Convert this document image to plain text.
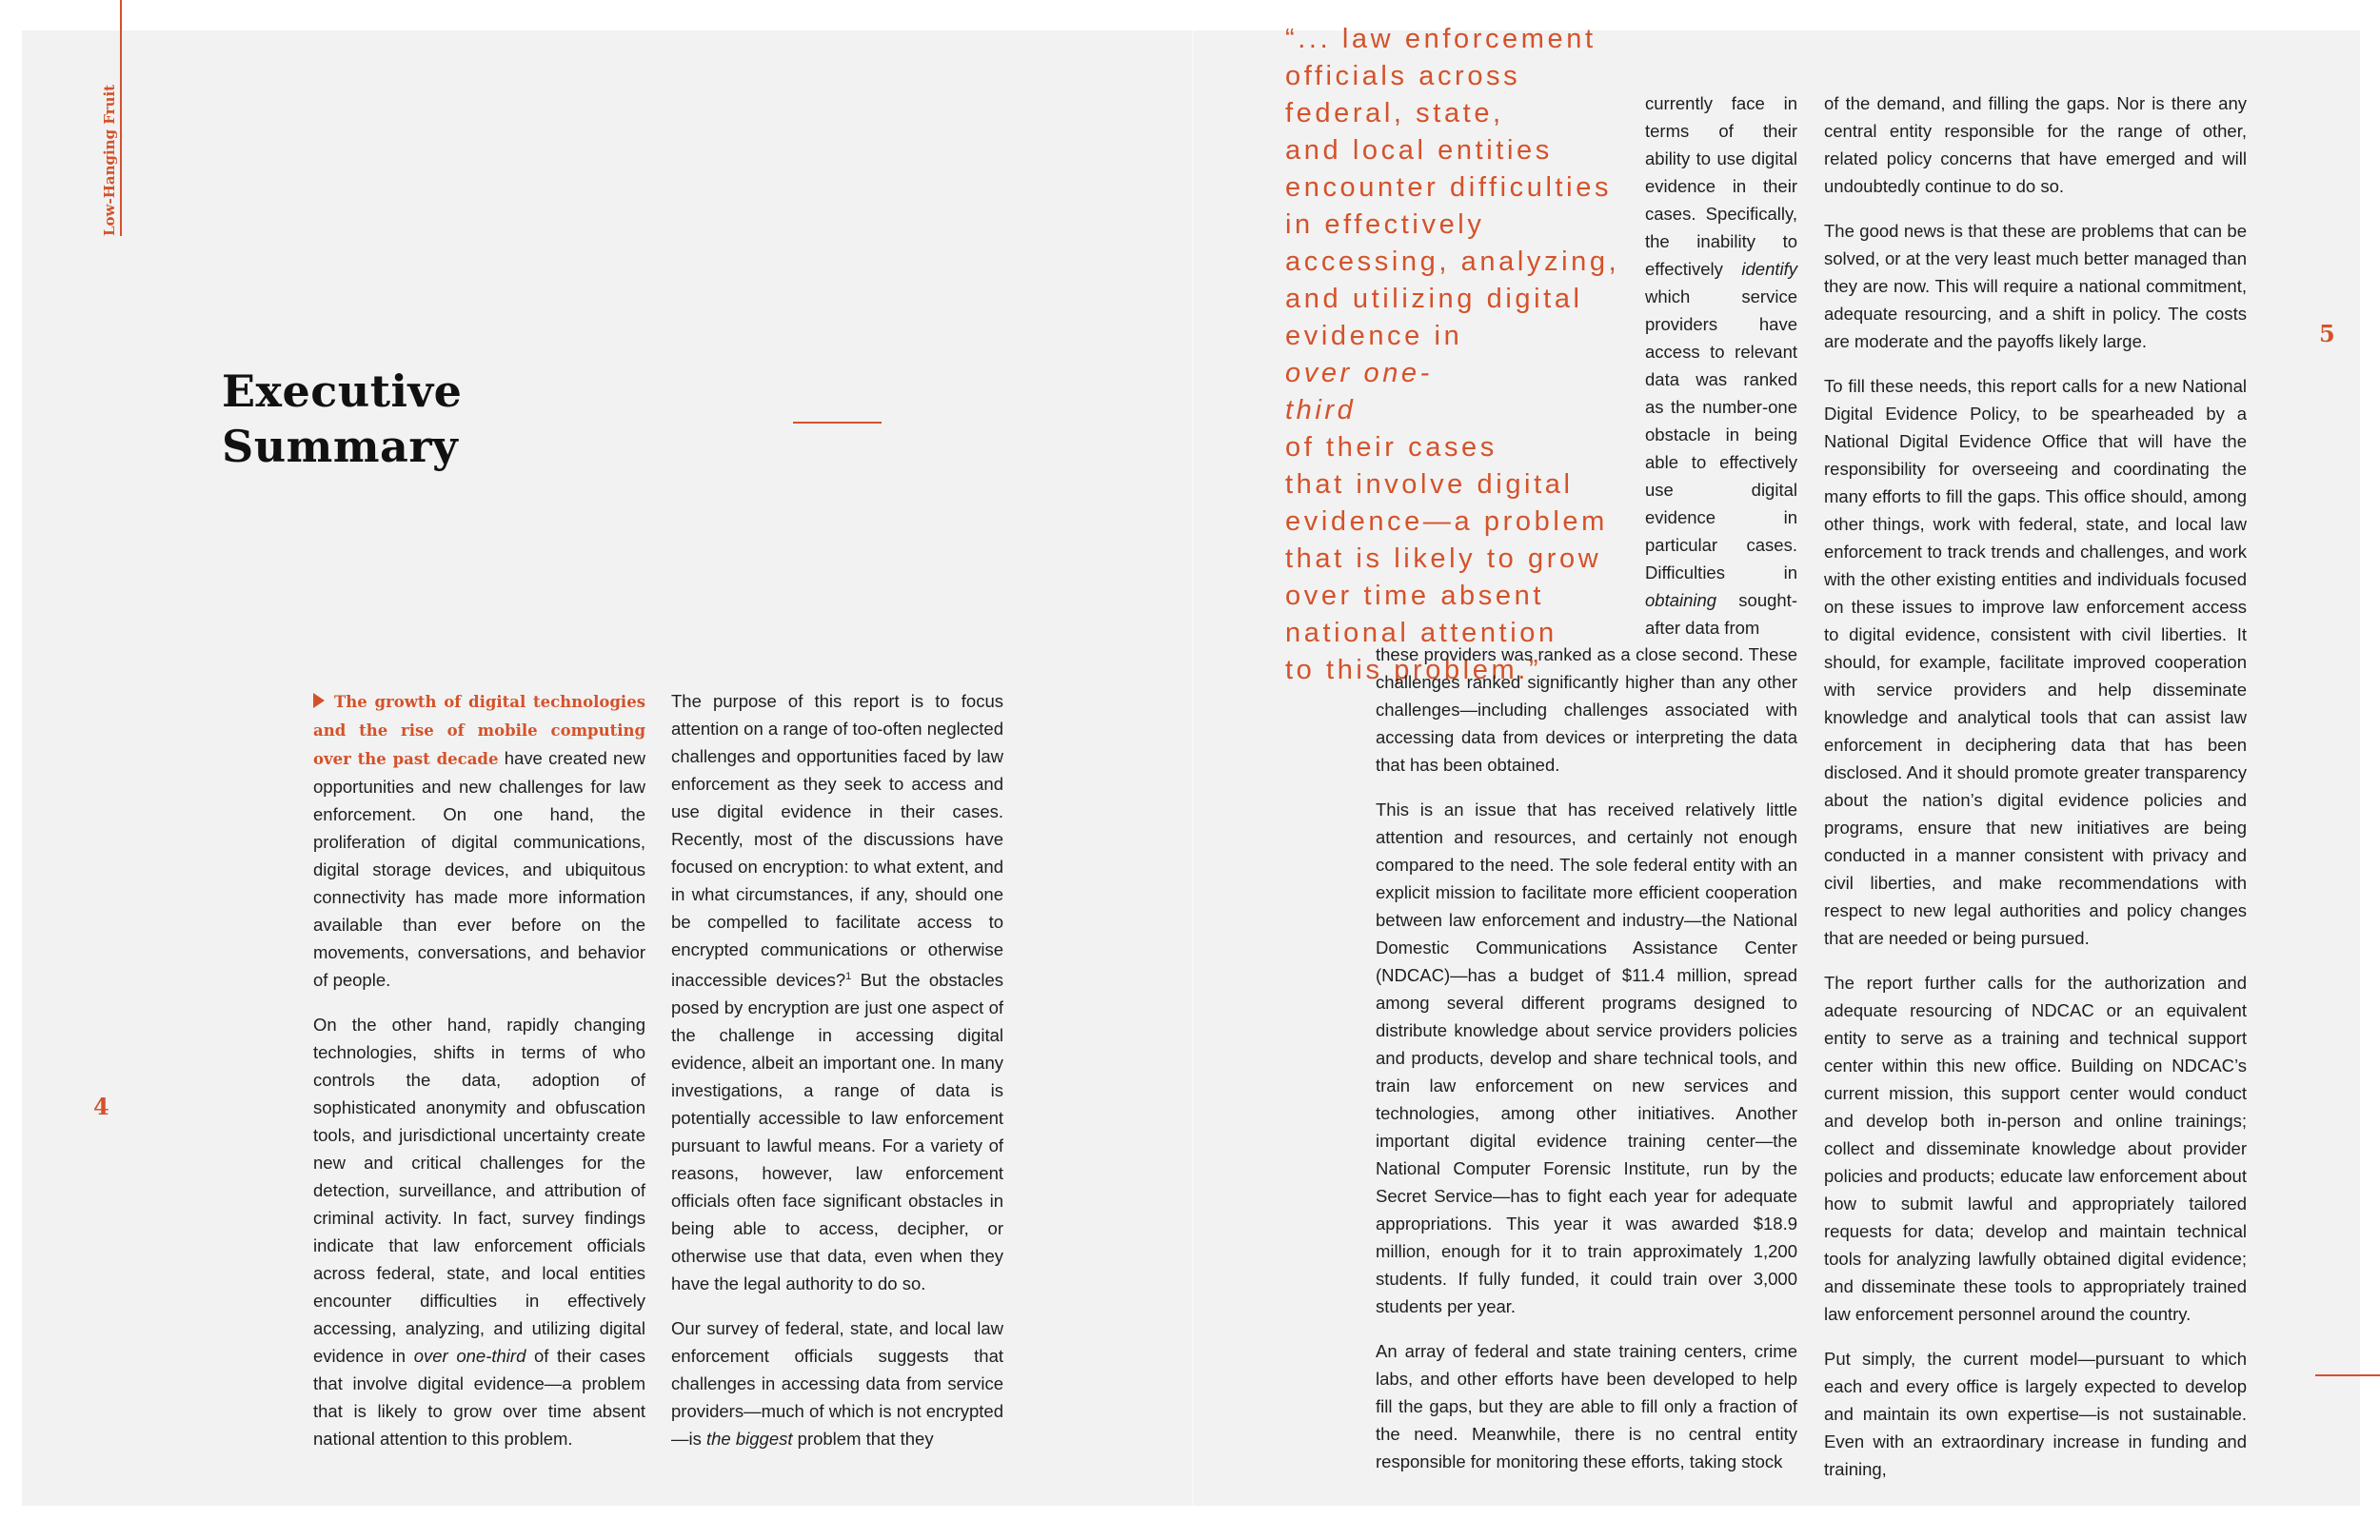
Low-Hanging Fruit
4
5
Executive
Summary

The growth of digital technologies and the rise of mobile computing over the past decade have created new opportunities and new challenges for law enforcement. On one hand, the proliferation of digital communications, digital storage devices, and ubiquitous connectivity has made more information available than ever before on the movements, conversations, and behavior of people.

On the other hand, rapidly changing technologies, shifts in terms of who controls the data, adoption of sophisticated anonymity and obfuscation tools, and jurisdictional uncertainty create new and critical challenges for the detection, surveillance, and attribution of criminal activity. In fact, survey findings indicate that law enforcement officials across federal, state, and local entities encounter difficulties in effectively accessing, analyzing, and utilizing digital evidence in over one-third of their cases that involve digital evidence—a problem that is likely to grow over time absent national attention to this problem.

The purpose of this report is to focus attention on a range of too-often neglected challenges and opportunities faced by law enforcement as they seek to access and use digital evidence in their cases. Recently, most of the discussions have focused on encryption: to what extent, and in what circumstances, if any, should one be compelled to facilitate access to encrypted communications or otherwise inaccessible devices?$^1$ But the obstacles posed by encryption are just one aspect of the challenge in accessing digital evidence, albeit an important one. In many investigations, a range of data is potentially accessible to law enforcement pursuant to lawful means. For a variety of reasons, however, law enforcement officials often face significant obstacles in being able to access, decipher, or otherwise use that data, even when they have the legal authority to do so.

Our survey of federal, state, and local law enforcement officials suggests that challenges in accessing data from service providers—much of which is not encrypted—is the biggest problem that they

“... law enforcement
officials across
federal, state,
and local entities
encounter difficulties
in effectively
accessing, analyzing,
and utilizing digital
evidence in
over one-
third
of their cases
that involve digital
evidence—a problem
that is likely to grow
over time absent
national attention
to this problem.”
currently face in terms of their ability to use digital evidence in their cases. Specifically, the inability to effectively identify which service providers have access to relevant data was ranked as the number-one obstacle in being able to effectively use digital evidence in particular cases. Difficulties in obtaining sought-after data from

these providers was ranked as a close second. These challenges ranked significantly higher than any other challenges—including challenges associated with accessing data from devices or interpreting the data that has been obtained.

This is an issue that has received relatively little attention and resources, and certainly not enough compared to the need. The sole federal entity with an explicit mission to facilitate more efficient cooperation between law enforcement and industry—the National Domestic Communications Assistance Center (NDCAC)—has a budget of $11.4 million, spread among several different programs designed to distribute knowledge about service providers policies and products, develop and share technical tools, and train law enforcement on new services and technologies, among other initiatives. Another important digital evidence training center—the National Computer Forensic Institute, run by the Secret Service—has to fight each year for adequate appropriations. This year it was awarded $18.9 million, enough for it to train approximately 1,200 students. If fully funded, it could train over 3,000 students per year.

An array of federal and state training centers, crime labs, and other efforts have been developed to help fill the gaps, but they are able to fill only a fraction of the need. Meanwhile, there is no central entity responsible for monitoring these efforts, taking stock

of the demand, and filling the gaps. Nor is there any central entity responsible for the range of other, related policy concerns that have emerged and will undoubtedly continue to do so.

The good news is that these are problems that can be solved, or at the very least much better managed than they are now. This will require a national commitment, adequate resourcing, and a shift in policy. The costs are moderate and the payoffs likely large.

To fill these needs, this report calls for a new National Digital Evidence Policy, to be spearheaded by a National Digital Evidence Office that will have the responsibility for overseeing and coordinating the many efforts to fill the gaps. This office should, among other things, work with federal, state, and local law enforcement to track trends and challenges, and work with the other existing entities and individuals focused on these issues to improve law enforcement access to digital evidence, consistent with civil liberties. It should, for example, facilitate improved cooperation with service providers and help disseminate knowledge and analytical tools that can assist law enforcement in deciphering data that has been disclosed. And it should promote greater transparency about the nation’s digital evidence policies and programs, ensure that new initiatives are being conducted in a manner consistent with privacy and civil liberties, and make recommendations with respect to new legal authorities and policy changes that are needed or being pursued.

The report further calls for the authorization and adequate resourcing of NDCAC or an equivalent entity to serve as a training and technical support center within this new office. Building on NDCAC’s current mission, this support center would conduct and develop both in-person and online trainings; collect and disseminate knowledge about provider policies and products; educate law enforcement about how to submit lawful and appropriately tailored requests for data; develop and maintain technical tools for analyzing lawfully obtained digital evidence; and disseminate these tools to appropriately trained law enforcement personnel around the country.

Put simply, the current model—pursuant to which each and every office is largely expected to develop and maintain its own expertise—is not sustainable. Even with an extraordinary increase in funding and training,
